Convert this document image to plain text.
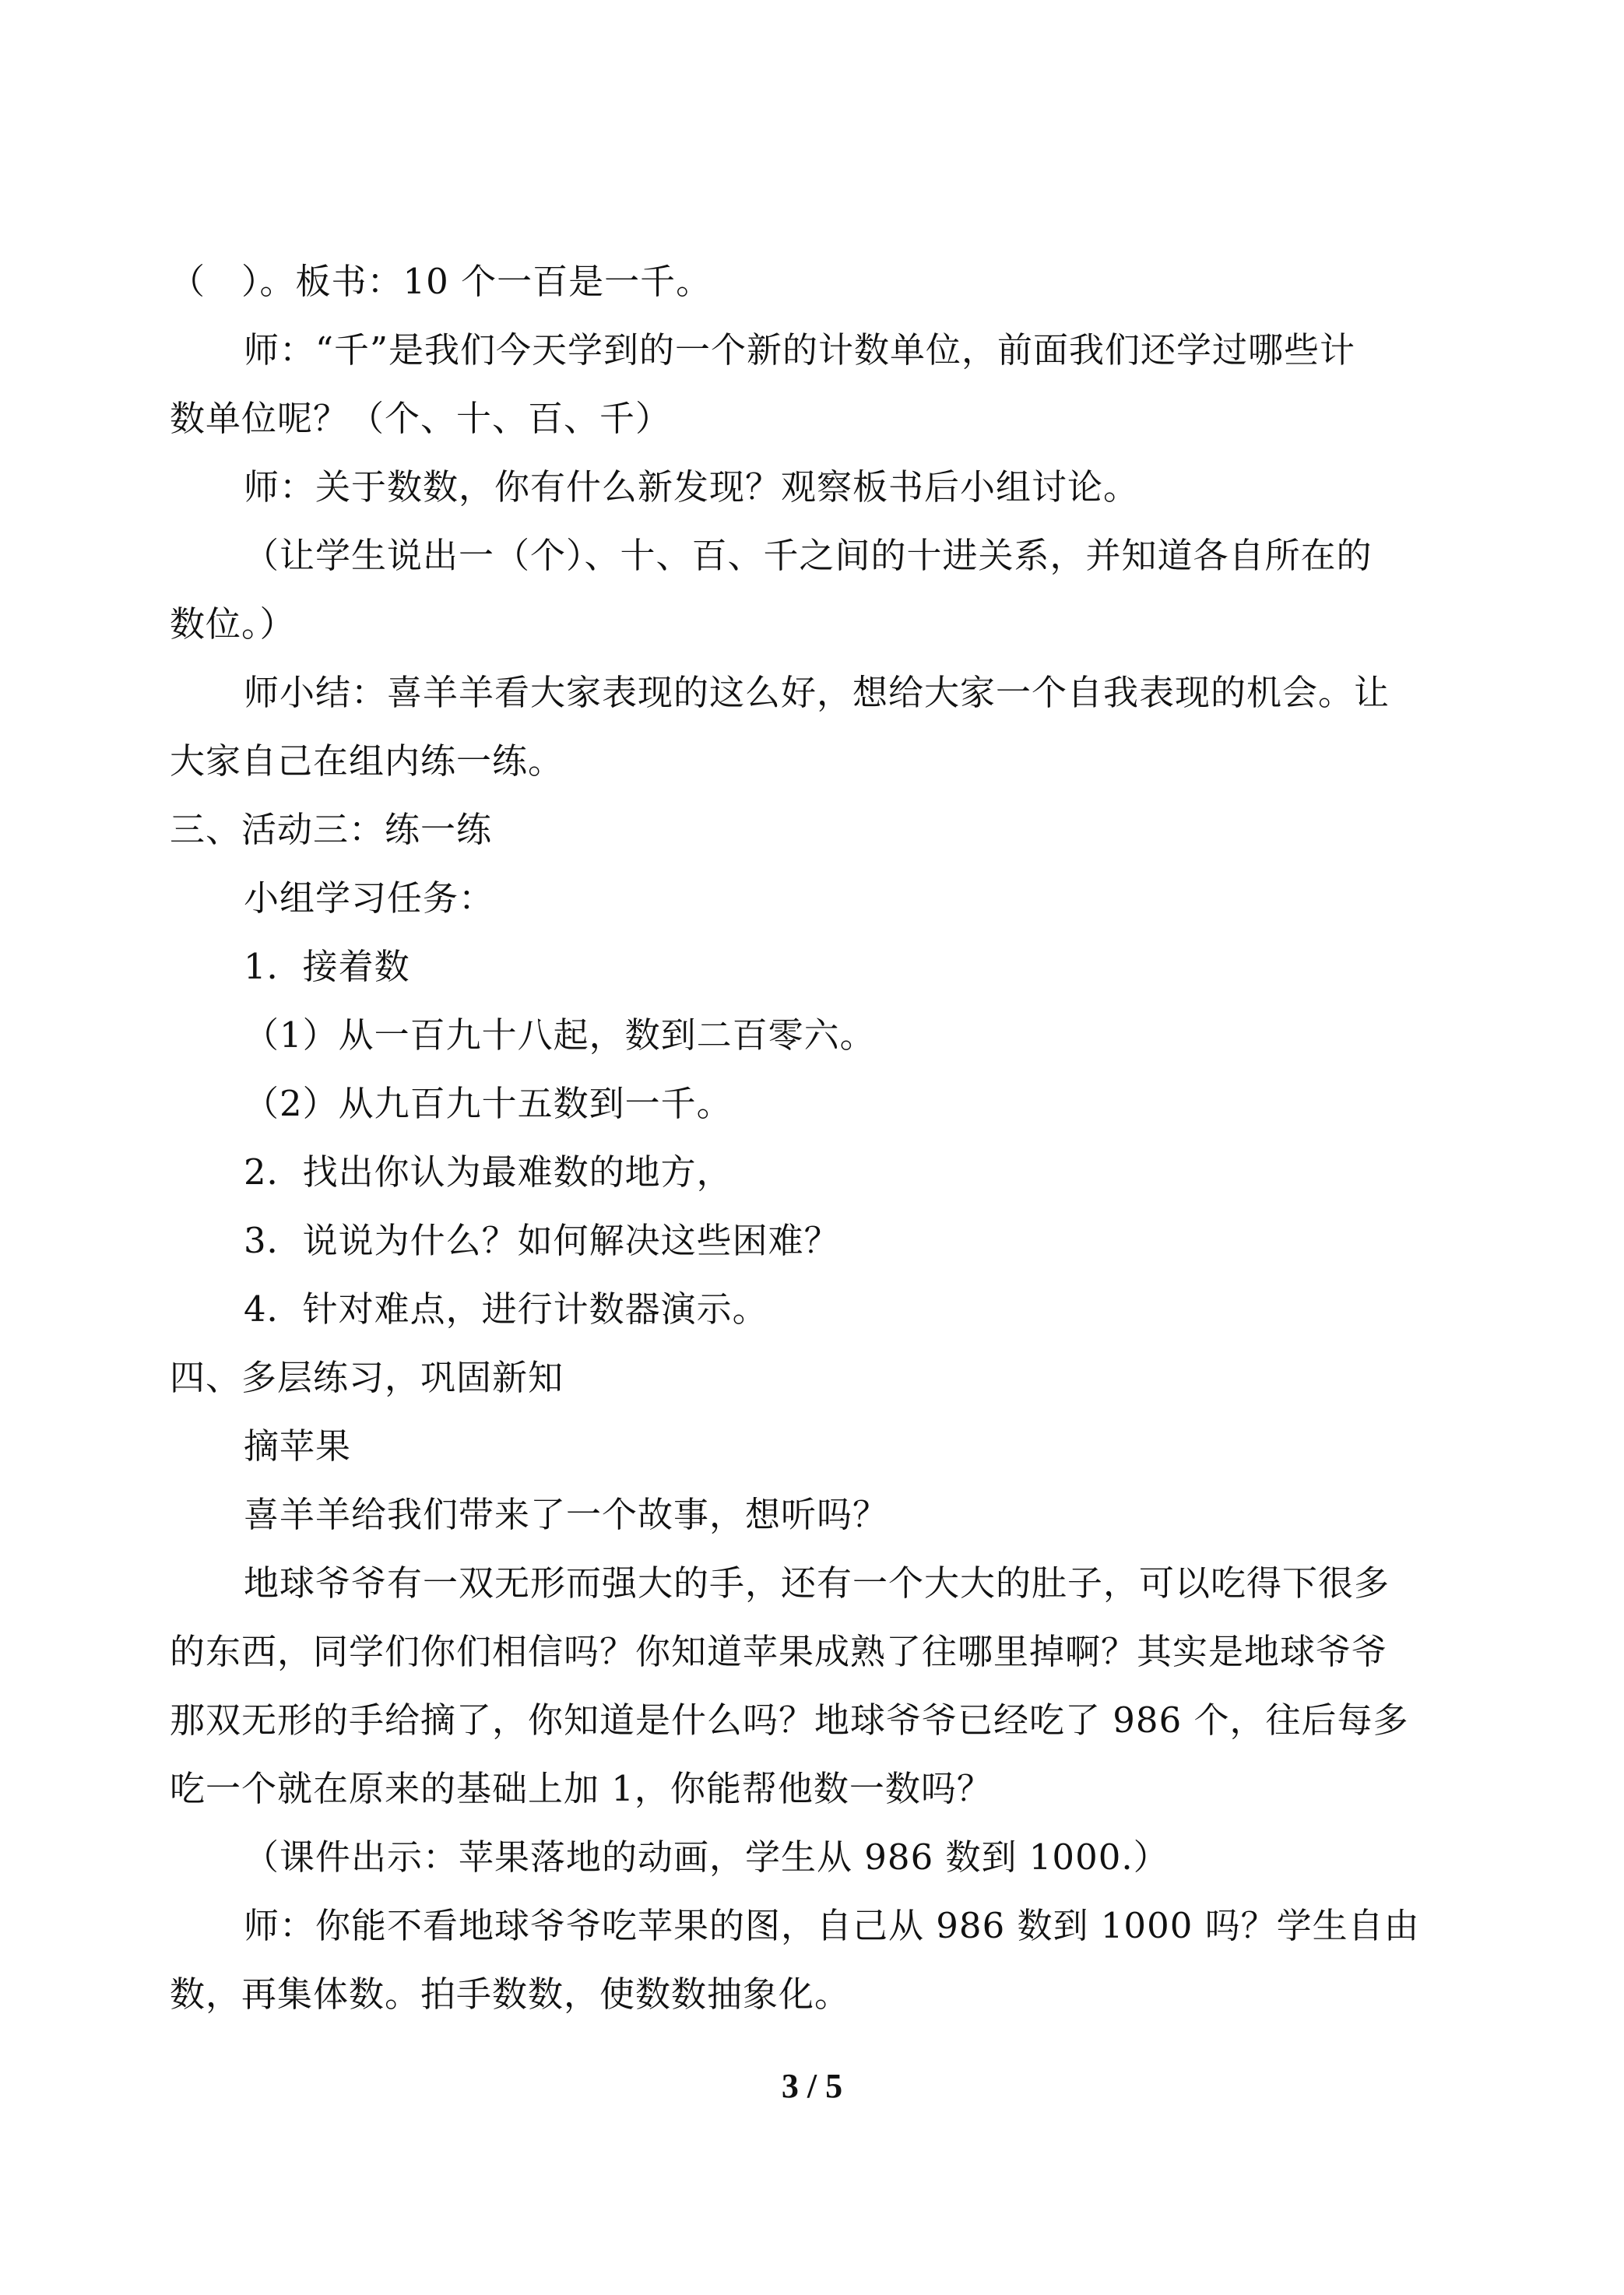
（　）。板书：10 个一百是一千。
师：“千”是我们今天学到的一个新的计数单位，前面我们还学过哪些计
数单位呢？（个、十、百、千）
师：关于数数，你有什么新发现？观察板书后小组讨论。
（让学生说出一（个）、十、百、千之间的十进关系，并知道各自所在的
数位。）
师小结：喜羊羊看大家表现的这么好，想给大家一个自我表现的机会。让
大家自己在组内练一练。
三、活动三：练一练
小组学习任务：
1．接着数
（1）从一百九十八起，数到二百零六。
（2）从九百九十五数到一千。
2．找出你认为最难数的地方，
3．说说为什么？如何解决这些困难？
4．针对难点，进行计数器演示。
四、多层练习，巩固新知
摘苹果
喜羊羊给我们带来了一个故事，想听吗？
地球爷爷有一双无形而强大的手，还有一个大大的肚子，可以吃得下很多
的东西，同学们你们相信吗？你知道苹果成熟了往哪里掉啊？其实是地球爷爷
那双无形的手给摘了，你知道是什么吗？地球爷爷已经吃了 986 个，往后每多
吃一个就在原来的基础上加 1，你能帮他数一数吗？
（课件出示：苹果落地的动画，学生从 986 数到 1000.）
师：你能不看地球爷爷吃苹果的图，自己从 986 数到 1000 吗？学生自由
数，再集体数。拍手数数，使数数抽象化。
3 / 5
